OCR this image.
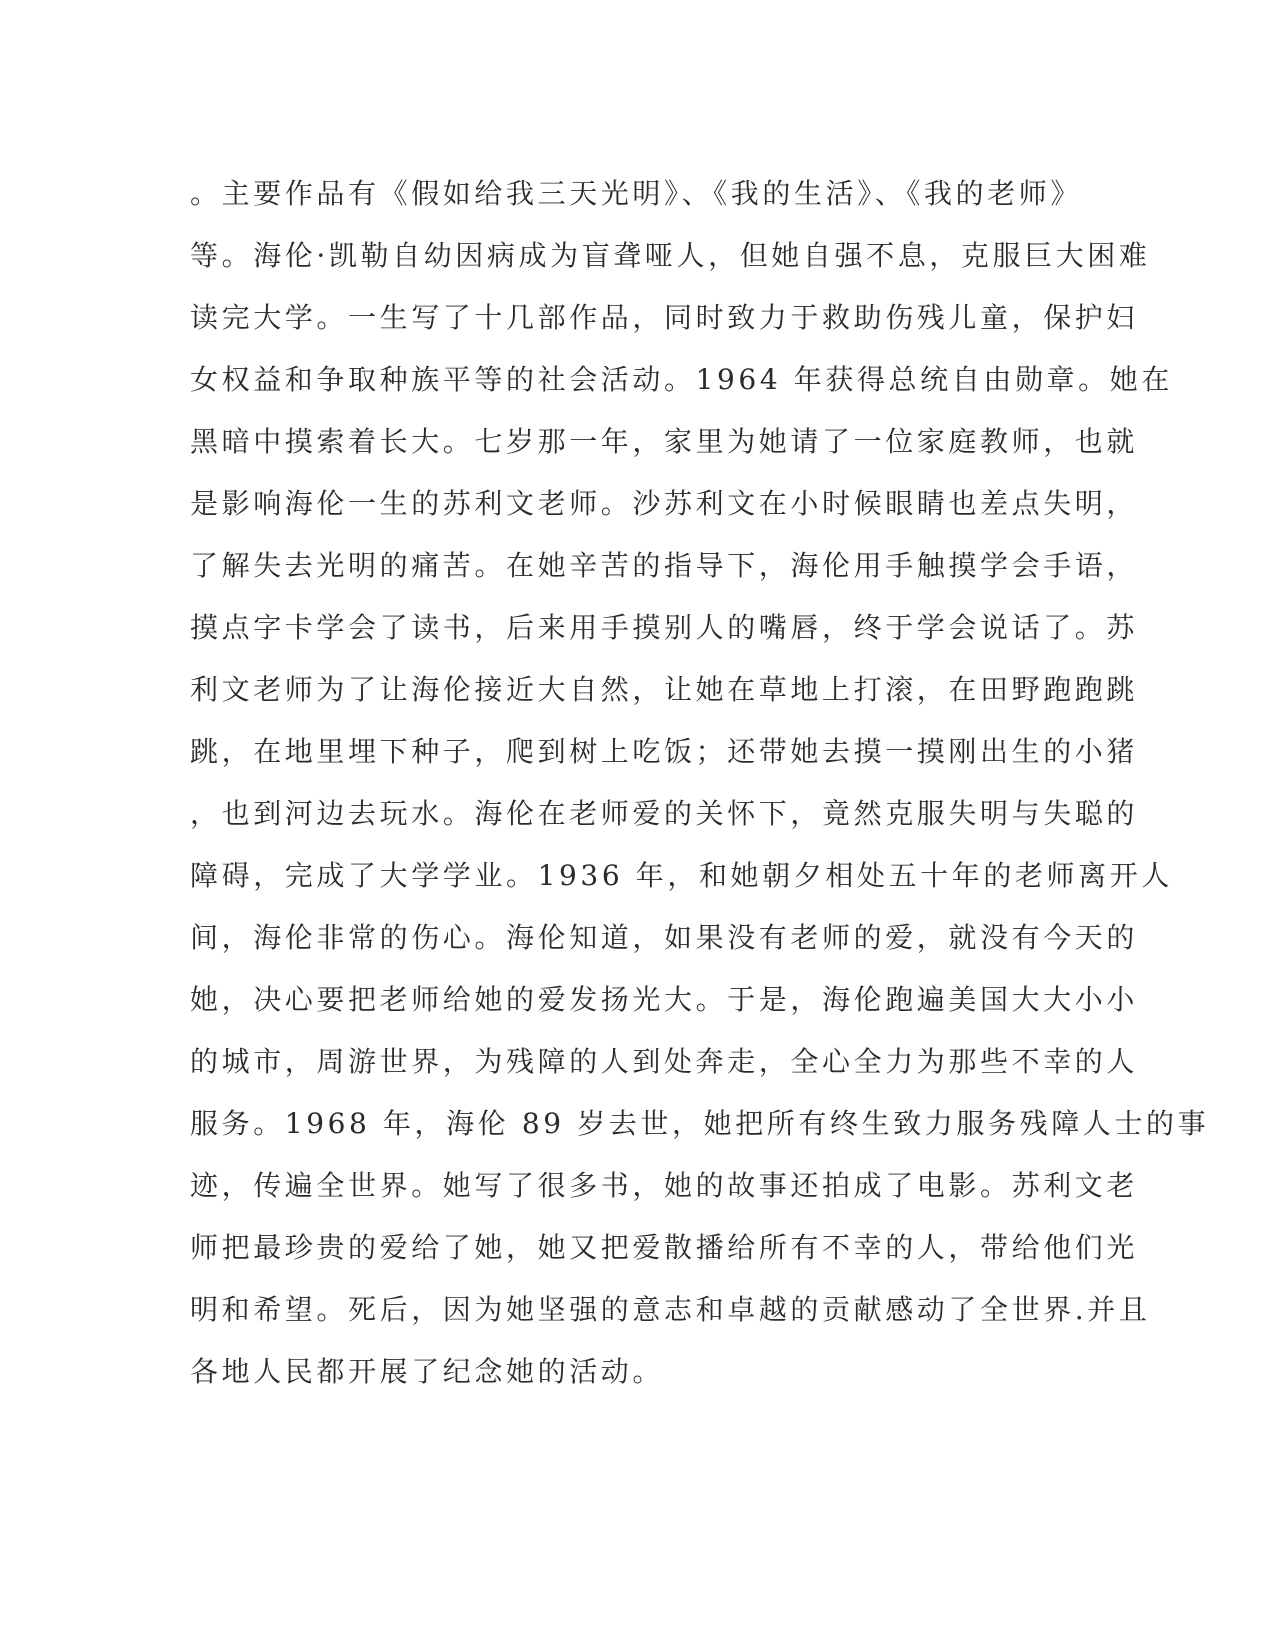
。主要作品有《假如给我三天光明》、《我的生活》、《我的老师》
等。海伦·凯勒自幼因病成为盲聋哑人，但她自强不息，克服巨大困难
读完大学。一生写了十几部作品，同时致力于救助伤残儿童，保护妇
女权益和争取种族平等的社会活动。1964 年获得总统自由勋章。她在
黑暗中摸索着长大。七岁那一年，家里为她请了一位家庭教师，也就
是影响海伦一生的苏利文老师。沙苏利文在小时候眼睛也差点失明，
了解失去光明的痛苦。在她辛苦的指导下，海伦用手触摸学会手语，
摸点字卡学会了读书，后来用手摸别人的嘴唇，终于学会说话了。苏
利文老师为了让海伦接近大自然，让她在草地上打滚，在田野跑跑跳
跳，在地里埋下种子，爬到树上吃饭；还带她去摸一摸刚出生的小猪
，也到河边去玩水。海伦在老师爱的关怀下，竟然克服失明与失聪的
障碍，完成了大学学业。1936 年，和她朝夕相处五十年的老师离开人
间，海伦非常的伤心。海伦知道，如果没有老师的爱，就没有今天的
她，决心要把老师给她的爱发扬光大。于是，海伦跑遍美国大大小小
的城市，周游世界，为残障的人到处奔走，全心全力为那些不幸的人
服务。1968 年，海伦 89 岁去世，她把所有终生致力服务残障人士的事
迹，传遍全世界。她写了很多书，她的故事还拍成了电影。苏利文老
师把最珍贵的爱给了她，她又把爱散播给所有不幸的人，带给他们光
明和希望。死后，因为她坚强的意志和卓越的贡献感动了全世界.并且
各地人民都开展了纪念她的活动。
